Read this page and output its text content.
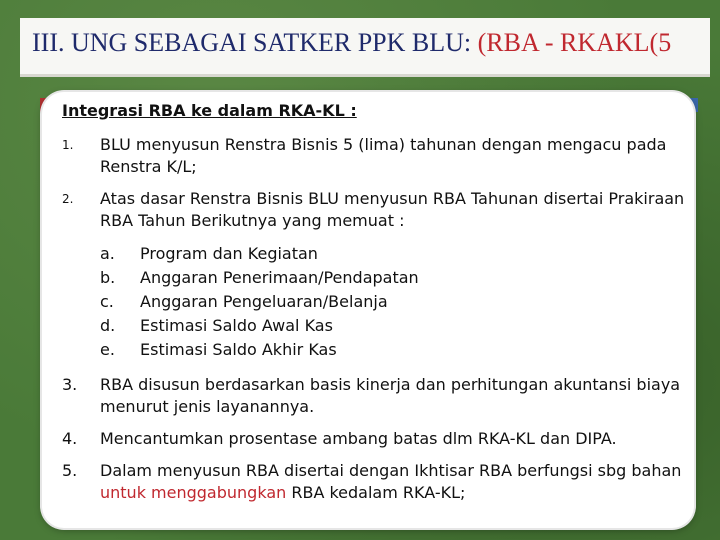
III. UNG SEBAGAI SATKER PPK BLU: (RBA - RKAKL(5
Integrasi RBA ke dalam RKA-KL :
1.	BLU menyusun Renstra Bisnis 5 (lima) tahunan dengan mengacu pada Renstra K/L;
2.	Atas dasar Renstra Bisnis BLU menyusun RBA Tahunan disertai Prakiraan RBA Tahun Berikutnya yang memuat :
a.	Program dan Kegiatan
b.	Anggaran Penerimaan/Pendapatan
c.	Anggaran Pengeluaran/Belanja
d.	Estimasi Saldo Awal Kas
e.	Estimasi Saldo Akhir Kas
3.	RBA disusun berdasarkan basis kinerja dan perhitungan akuntansi biaya menurut jenis layanannya.
4.	Mencantumkan prosentase ambang batas dlm RKA-KL dan DIPA.
5.	Dalam menyusun RBA disertai dengan Ikhtisar RBA berfungsi sbg bahan untuk menggabungkan RBA kedalam RKA-KL;
